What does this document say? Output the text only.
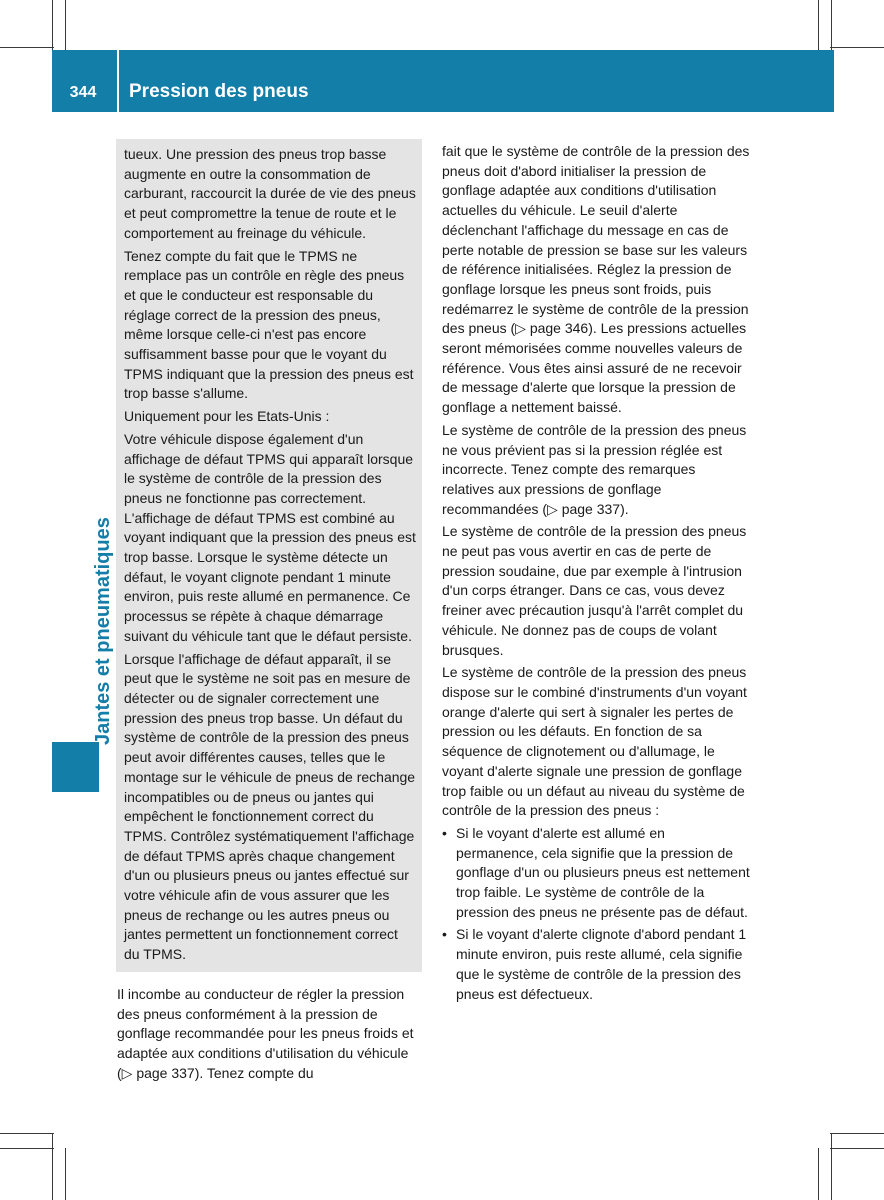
344	Pression des pneus
Jantes et pneumatiques

tueux. Une pression des pneus trop basse augmente en outre la consommation de carburant, raccourcit la durée de vie des pneus et peut compromettre la tenue de route et le comportement au freinage du véhicule.

Tenez compte du fait que le TPMS ne remplace pas un contrôle en règle des pneus et que le conducteur est responsable du réglage correct de la pression des pneus, même lorsque celle-ci n'est pas encore suffisamment basse pour que le voyant du TPMS indiquant que la pression des pneus est trop basse s'allume.

Uniquement pour les Etats-Unis :

Votre véhicule dispose également d'un affichage de défaut TPMS qui apparaît lorsque le système de contrôle de la pression des pneus ne fonctionne pas correctement. L'affichage de défaut TPMS est combiné au voyant indiquant que la pression des pneus est trop basse. Lorsque le système détecte un défaut, le voyant clignote pendant 1 minute environ, puis reste allumé en permanence. Ce processus se répète à chaque démarrage suivant du véhicule tant que le défaut persiste.

Lorsque l'affichage de défaut apparaît, il se peut que le système ne soit pas en mesure de détecter ou de signaler correctement une pression des pneus trop basse. Un défaut du système de contrôle de la pression des pneus peut avoir différentes causes, telles que le montage sur le véhicule de pneus de rechange incompatibles ou de pneus ou jantes qui empêchent le fonctionnement correct du TPMS. Contrôlez systématiquement l'affichage de défaut TPMS après chaque changement d'un ou plusieurs pneus ou jantes effectué sur votre véhicule afin de vous assurer que les pneus de rechange ou les autres pneus ou jantes permettent un fonctionnement correct du TPMS.

Il incombe au conducteur de régler la pression des pneus conformément à la pression de gonflage recommandée pour les pneus froids et adaptée aux conditions d'utilisation du véhicule (▷ page 337). Tenez compte du

fait que le système de contrôle de la pression des pneus doit d'abord initialiser la pression de gonflage adaptée aux conditions d'utilisation actuelles du véhicule. Le seuil d'alerte déclenchant l'affichage du message en cas de perte notable de pression se base sur les valeurs de référence initialisées. Réglez la pression de gonflage lorsque les pneus sont froids, puis redémarrez le système de contrôle de la pression des pneus (▷ page 346). Les pressions actuelles seront mémorisées comme nouvelles valeurs de référence. Vous êtes ainsi assuré de ne recevoir de message d'alerte que lorsque la pression de gonflage a nettement baissé.

Le système de contrôle de la pression des pneus ne vous prévient pas si la pression réglée est incorrecte. Tenez compte des remarques relatives aux pressions de gonflage recommandées (▷ page 337).

Le système de contrôle de la pression des pneus ne peut pas vous avertir en cas de perte de pression soudaine, due par exemple à l'intrusion d'un corps étranger. Dans ce cas, vous devez freiner avec précaution jusqu'à l'arrêt complet du véhicule. Ne donnez pas de coups de volant brusques.

Le système de contrôle de la pression des pneus dispose sur le combiné d'instruments d'un voyant orange d'alerte qui sert à signaler les pertes de pression ou les défauts. En fonction de sa séquence de clignotement ou d'allumage, le voyant d'alerte signale une pression de gonflage trop faible ou un défaut au niveau du système de contrôle de la pression des pneus :

• Si le voyant d'alerte est allumé en permanence, cela signifie que la pression de gonflage d'un ou plusieurs pneus est nettement trop faible. Le système de contrôle de la pression des pneus ne présente pas de défaut.
• Si le voyant d'alerte clignote d'abord pendant 1 minute environ, puis reste allumé, cela signifie que le système de contrôle de la pression des pneus est défectueux.
